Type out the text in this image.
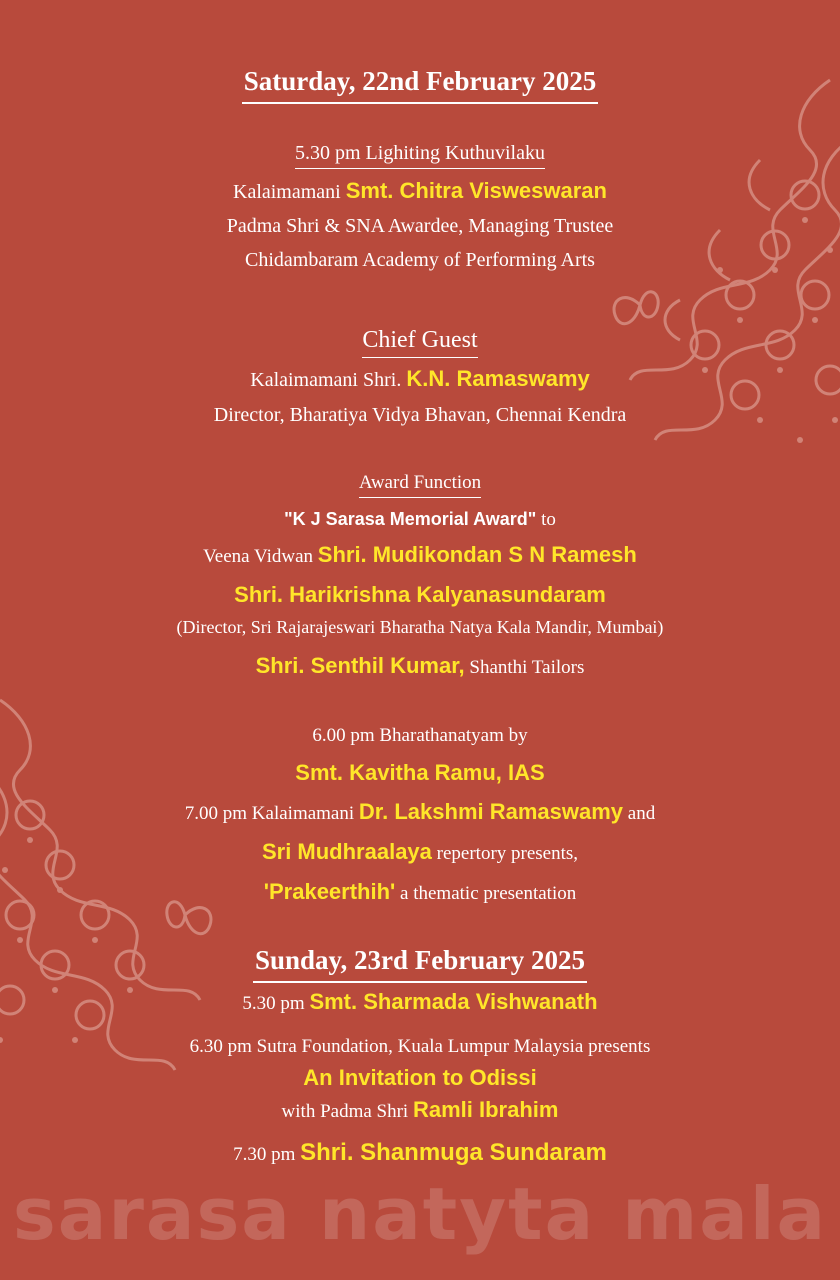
Saturday, 22nd February 2025
5.30 pm Lighiting Kuthuvilaku
Kalaimamani Smt. Chitra Visweswaran
Padma Shri & SNA Awardee, Managing Trustee
Chidambaram Academy of Performing Arts
Chief Guest
Kalaimamani Shri. K.N. Ramaswamy
Director, Bharatiya Vidya Bhavan, Chennai Kendra
Award Function
"K J Sarasa Memorial Award" to
Veena Vidwan Shri. Mudikondan S N Ramesh
Shri. Harikrishna Kalyanasundaram
(Director, Sri Rajarajeswari Bharatha Natya Kala Mandir, Mumbai)
Shri. Senthil Kumar, Shanthi Tailors
6.00 pm Bharathanatyam by
Smt. Kavitha Ramu, IAS
7.00 pm Kalaimamani Dr. Lakshmi Ramaswamy and
Sri Mudhraalaya repertory presents,
'Prakeerthih' a thematic presentation
Sunday, 23rd February 2025
5.30 pm Smt. Sharmada Vishwanath
6.30 pm Sutra Foundation, Kuala Lumpur Malaysia presents
An Invitation to Odissi
with Padma Shri Ramli Ibrahim
7.30 pm Shri. Shanmuga Sundaram
sarasa natyta mala
